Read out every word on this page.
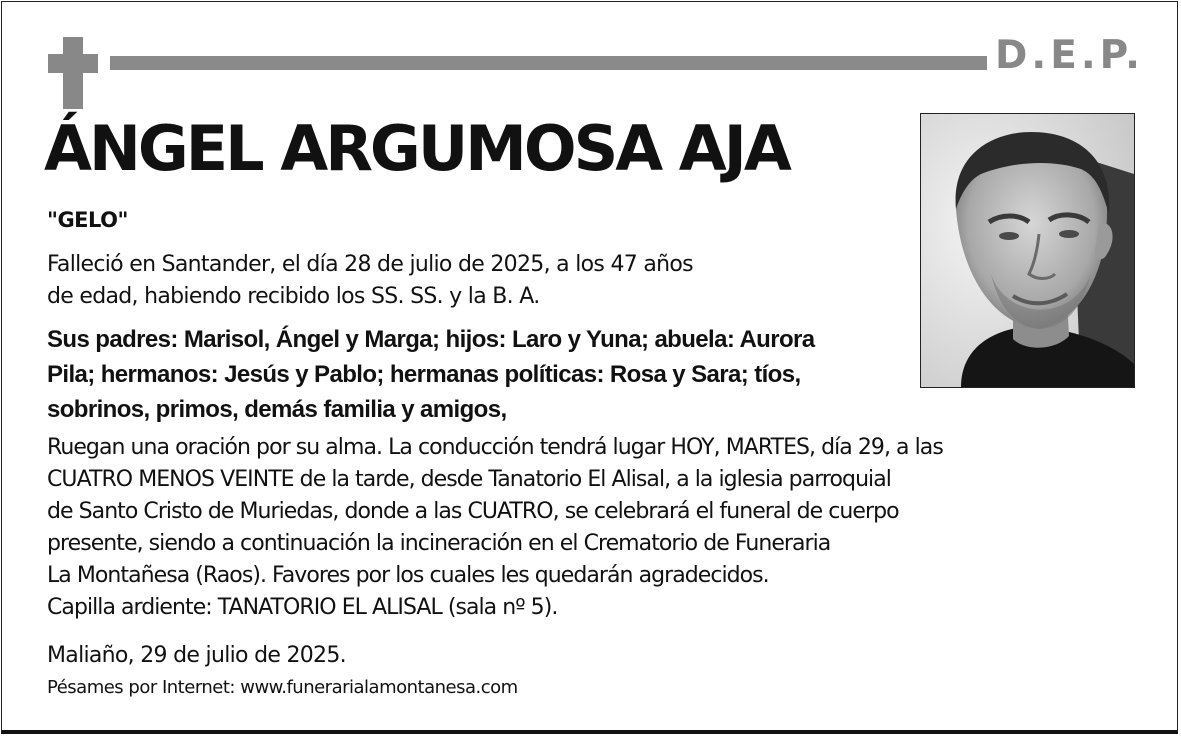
D.E.P.
ÁNGEL ARGUMOSA AJA
"GELO"
Falleció en Santander, el día 28 de julio de 2025, a los 47 años
de edad, habiendo recibido los SS. SS. y la B. A.
Sus padres: Marisol, Ángel y Marga; hijos: Laro y Yuna; abuela: Aurora
Pila; hermanos: Jesús y Pablo; hermanas políticas: Rosa y Sara; tíos,
sobrinos, primos, demás familia y amigos,
Ruegan una oración por su alma. La conducción tendrá lugar HOY, MARTES, día 29, a las
CUATRO MENOS VEINTE de la tarde, desde Tanatorio El Alisal, a la iglesia parroquial
de Santo Cristo de Muriedas, donde a las CUATRO, se celebrará el funeral de cuerpo
presente, siendo a continuación la incineración en el Crematorio de Funeraria
La Montañesa (Raos). Favores por los cuales les quedarán agradecidos.
Capilla ardiente: TANATORIO EL ALISAL (sala nº 5).
Maliaño, 29 de julio de 2025.
Pésames por Internet: www.funerarialamontanesa.com
